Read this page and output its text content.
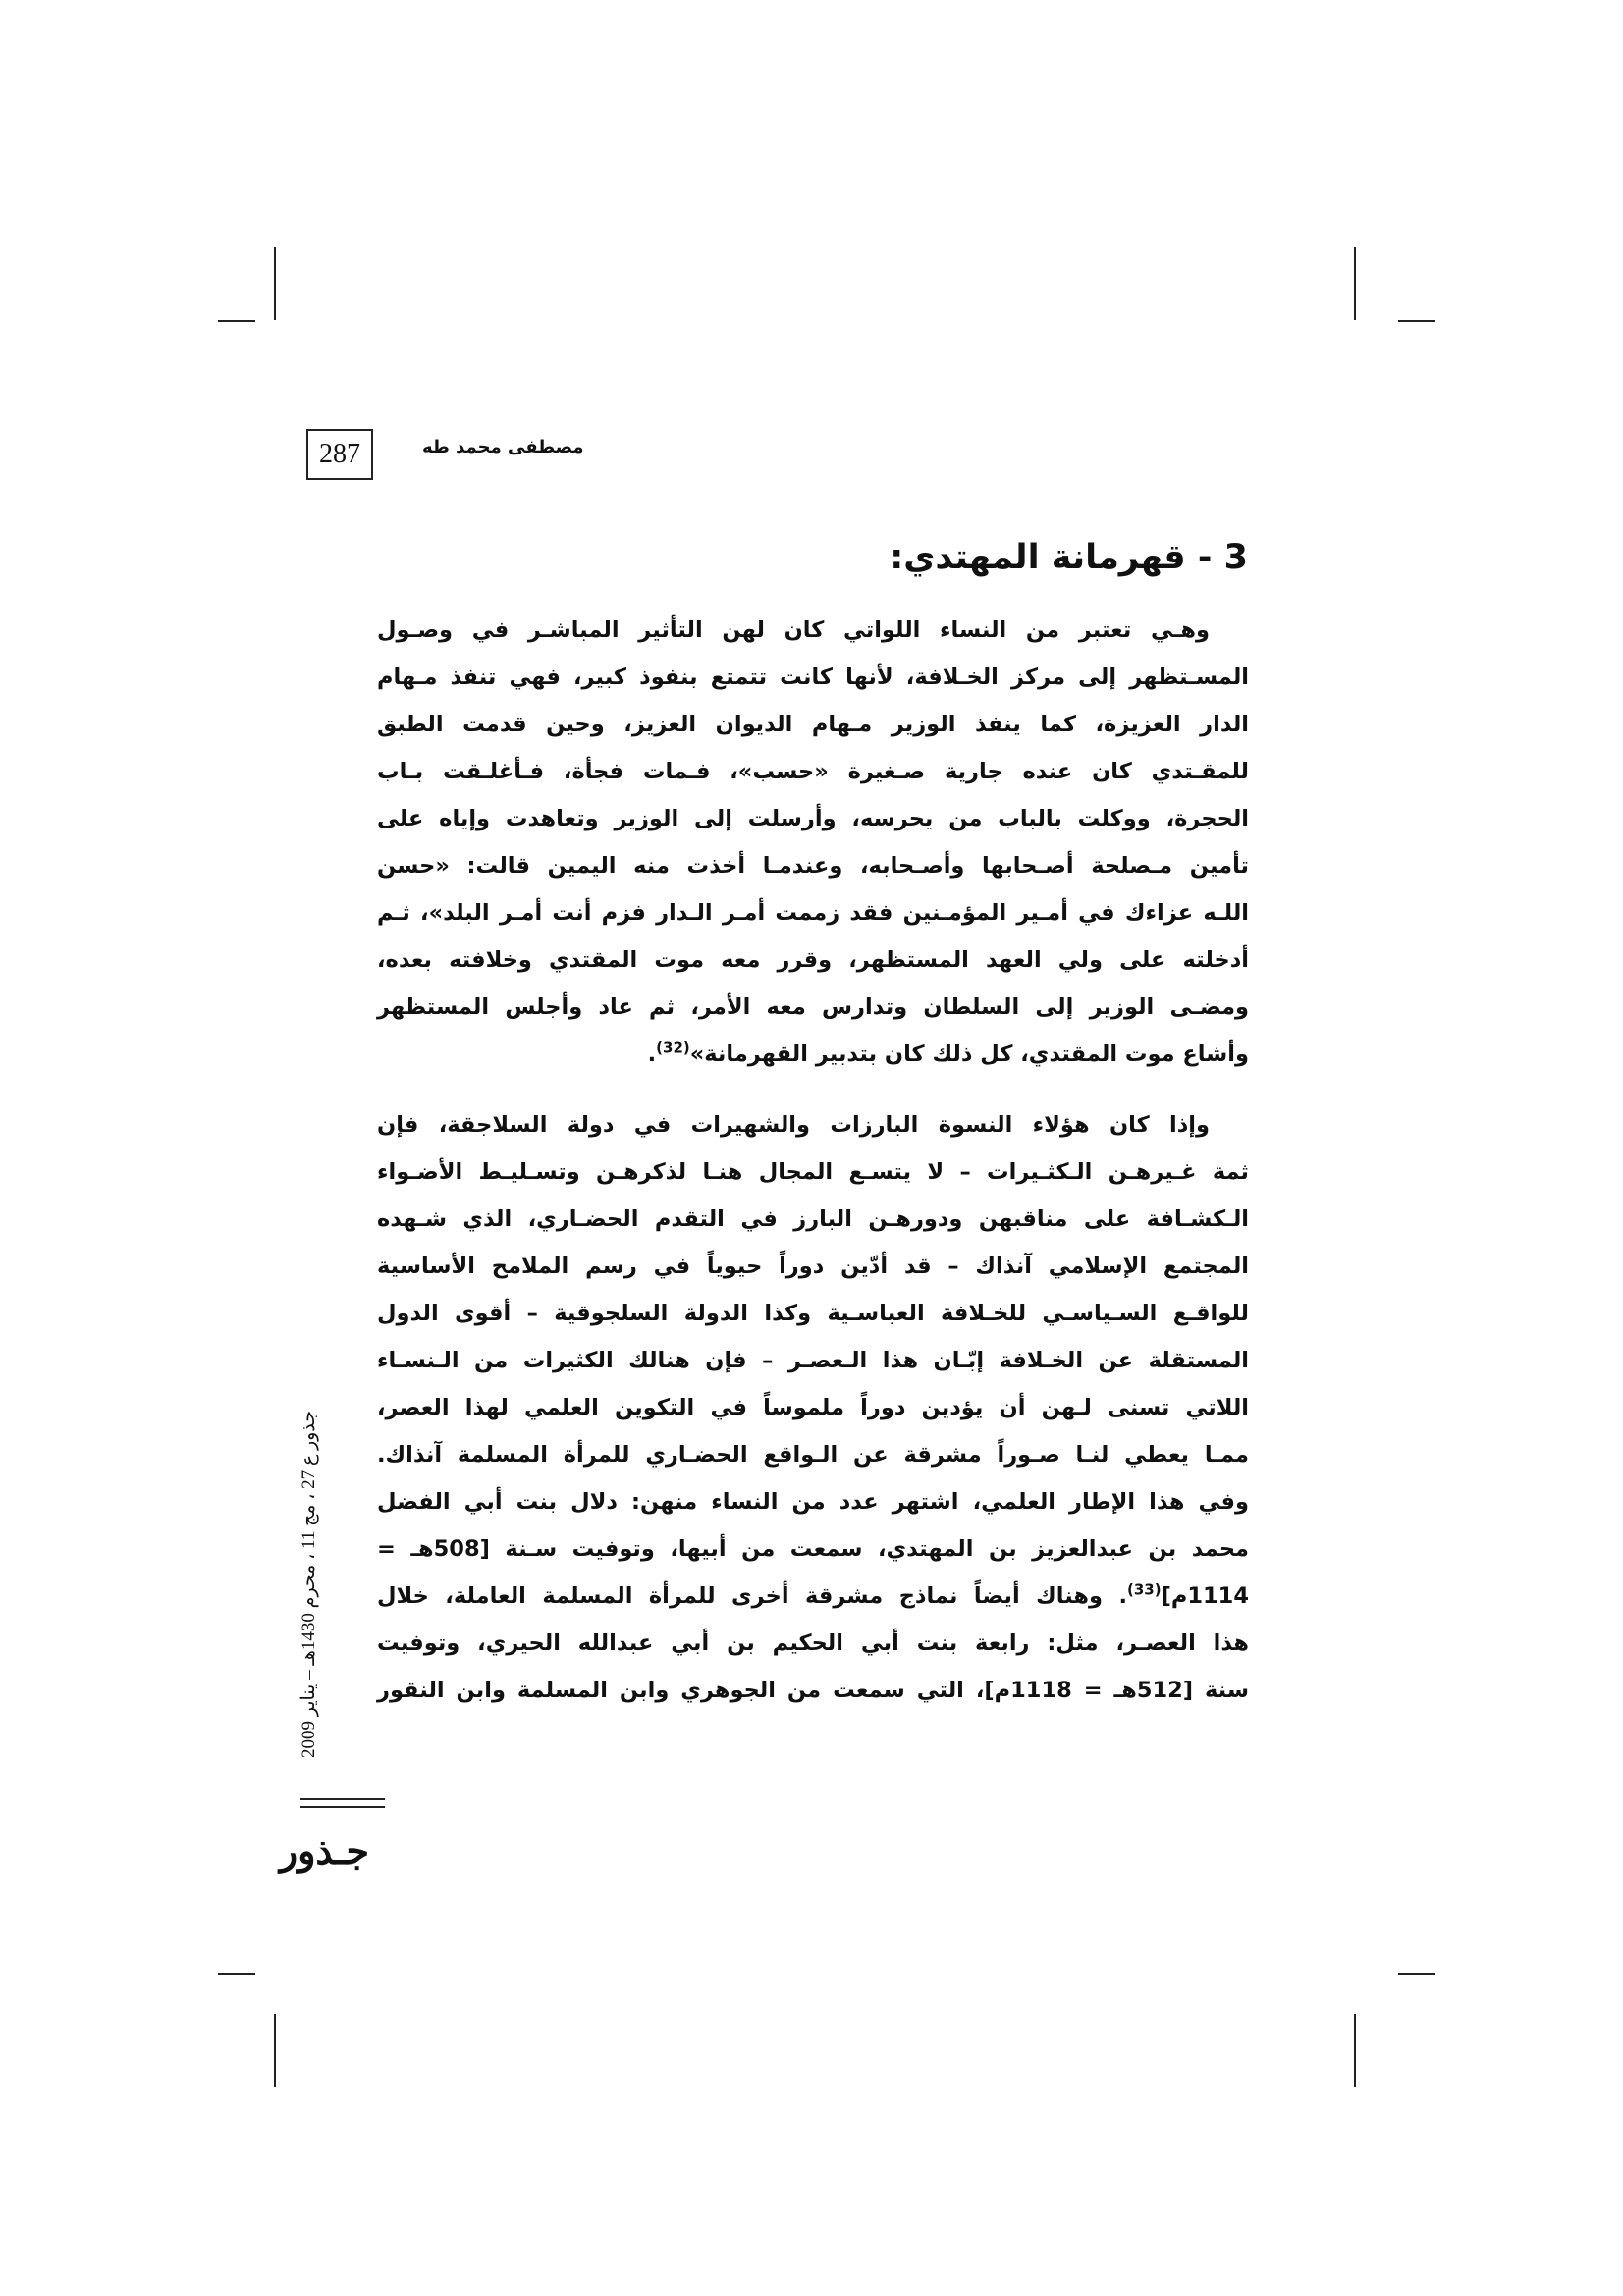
287	مصطفى محمد طه
3 - قهرمانة المهتدي:

وهـي تعتبر من النساء اللواتي كان لهن التأثير المباشـر في وصـول
المسـتظهر إلى مركز الخـلافة، لأنها كانت تتمتع بنفوذ كبير، فهي تنفذ مـهام
الدار العزيزة، كما ينفذ الوزير مـهام الديوان العزيز، وحين قدمت الطبق
للمقـتدي كان عنده جارية صـغيرة «حسب»، فـمات فجأة، فـأغلـقت بـاب
الحجرة، ووكلت بالباب من يحرسه، وأرسلت إلى الوزير وتعاهدت وإياه على
تأمين مـصلحة أصـحابها وأصـحابه، وعندمـا أخذت منه اليمين قالت: «حسن
اللـه عزاءك في أمـير المؤمـنين فقد زممت أمـر الـدار فزم أنت أمـر البلد»، ثـم
أدخلته على ولي العهد المستظهر، وقرر معه موت المقتدي وخلافته بعده،
ومضـى الوزير إلى السلطان وتدارس معه الأمر، ثم عاد وأجلس المستظهر
وأشاع موت المقتدي، كل ذلك كان بتدبير القهرمانة»$^{(32)}$.

وإذا كان هؤلاء النسوة البارزات والشهيرات في دولة السلاجقة، فإن
ثمة غـيرهـن الـكثـيرات – لا يتسـع المجال هنـا لذكرهـن وتسـليـط الأضـواء
الـكشـافة على مناقبهن ودورهـن البارز في التقدم الحضـاري، الذي شـهده
المجتمع الإسلامي آنذاك – قد أدّين دوراً حيوياً في رسم الملامح الأساسية
للواقـع السـياسـي للخـلافة العباسـية وكذا الدولة السلجوقية – أقوى الدول
المستقلة عن الخـلافة إبّـان هذا الـعصـر – فإن هنالك الكثيرات من الـنسـاء
اللاتي تسنى لـهن أن يؤدين دوراً ملموساً في التكوين العلمي لهذا العصر،
ممـا يعطي لنـا صـوراً مشرقة عن الـواقع الحضـاري للمرأة المسلمة آنذاك.
وفي هذا الإطار العلمي، اشتهر عدد من النساء منهن: دلال بنت أبي الفضل
محمد بن عبدالعزيز بن المهتدي، سمعت من أبيها، وتوفيت سـنة [508هـ =
1114م]$^{(33)}$. وهناك أيضاً نماذج مشرقة أخرى للمرأة المسلمة العاملة، خلال
هذا العصـر، مثل: رابعة بنت أبي الحكيم بن أبي عبدالله الحيري، وتوفيت
سنة [512هـ = 1118م]، التي سمعت من الجوهري وابن المسلمة وابن النقور

جذور ع 27 ، مج 11 ، محرم 1430هـ – يناير 2009
جـذور
